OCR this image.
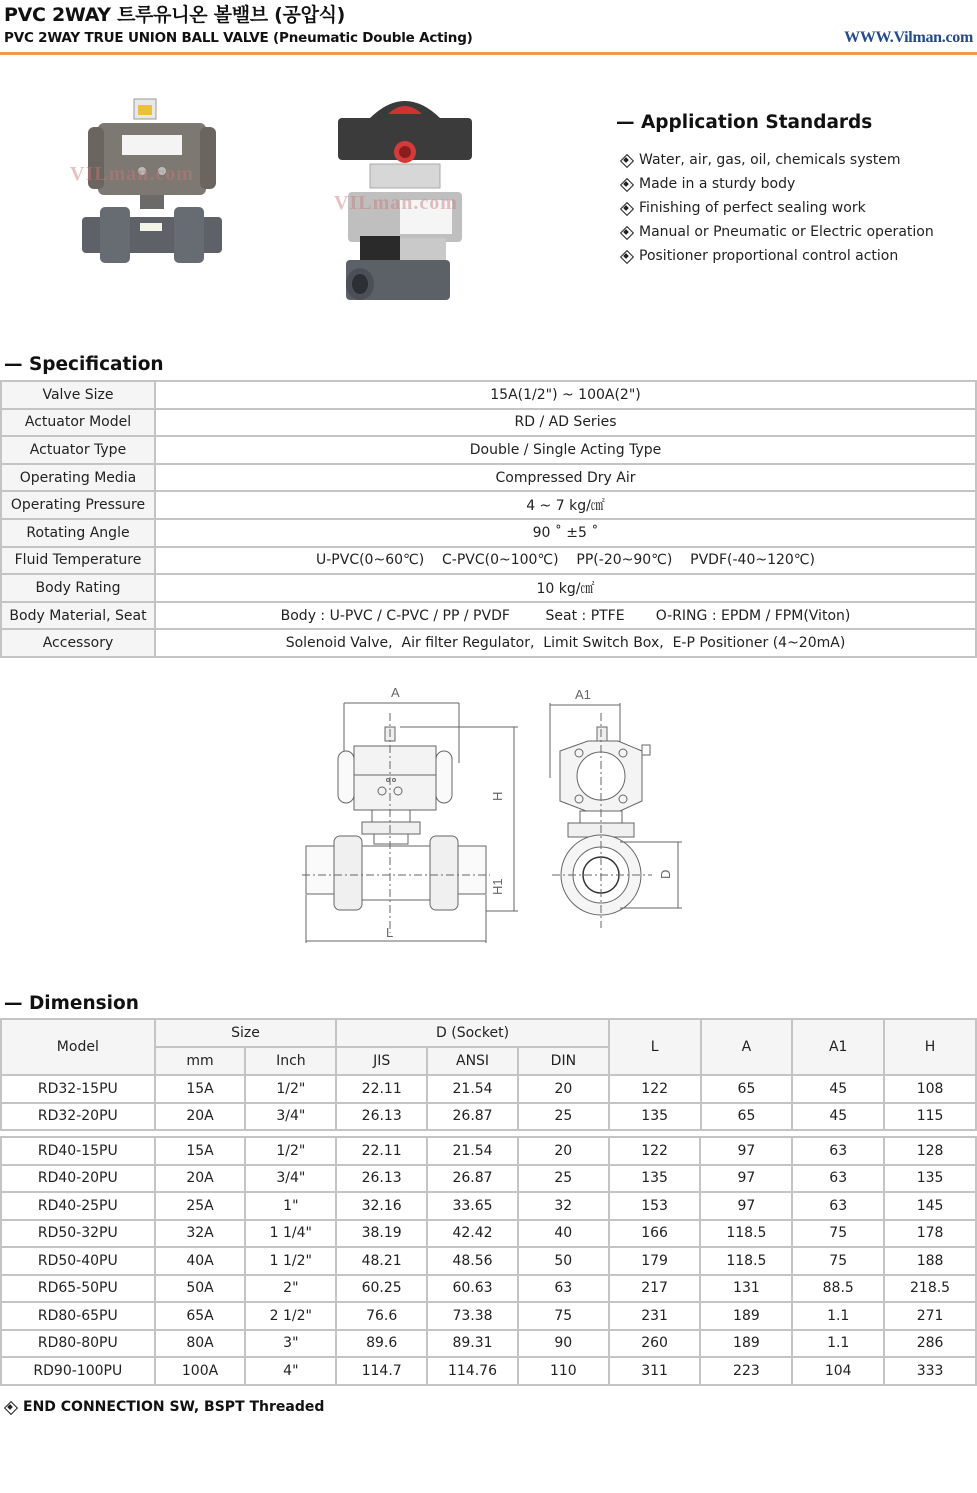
PVC 2WAY 트루유니온 볼밸브 (공압식)
PVC 2WAY TRUE UNION BALL VALVE (Pneumatic Double Acting)	WWW.Vilman.com
VILman.com
VILman.com
— Application Standards
Water, air, gas, oil, chemicals system
Made in a sturdy body
Finishing of perfect sealing work
Manual or Pneumatic or Electric operation
Positioner proportional control action
— Specification
Valve Size	15A(1/2") ~ 100A(2")
Actuator Model	RD / AD Series
Actuator Type	Double / Single Acting Type
Operating Media	Compressed Dry Air
Operating Pressure	4 ~ 7 kg/㎠
Rotating Angle	90 ˚ ±5 ˚
Fluid Temperature	U-PVC(0~60℃)    C-PVC(0~100℃)    PP(-20~90℃)    PVDF(-40~120℃)
Body Rating	10 kg/㎠
Body Material, Seat	Body : U-PVC / C-PVC / PP / PVDF        Seat : PTFE       O-RING : EPDM / FPM(Viton)
Accessory	Solenoid Valve,  Air filter Regulator,  Limit Switch Box,  E-P Positioner (4~20mA)
A
H
H1
L
A1
D
— Dimension
Model	Size		D (Socket)			L	A	A1	H
	mm	Inch	JIS	ANSI	DIN				
RD32-15PU	15A	1/2"	22.11	21.54	20	122	65	45	108
RD32-20PU	20A	3/4"	26.13	26.87	25	135	65	45	115
RD40-15PU	15A	1/2"	22.11	21.54	20	122	97	63	128
RD40-20PU	20A	3/4"	26.13	26.87	25	135	97	63	135
RD40-25PU	25A	1"	32.16	33.65	32	153	97	63	145
RD50-32PU	32A	1 1/4"	38.19	42.42	40	166	118.5	75	178
RD50-40PU	40A	1 1/2"	48.21	48.56	50	179	118.5	75	188
RD65-50PU	50A	2"	60.25	60.63	63	217	131	88.5	218.5
RD80-65PU	65A	2 1/2"	76.6	73.38	75	231	189	1.1	271
RD80-80PU	80A	3"	89.6	89.31	90	260	189	1.1	286
RD90-100PU	100A	4"	114.7	114.76	110	311	223	104	333
END CONNECTION SW, BSPT Threaded
